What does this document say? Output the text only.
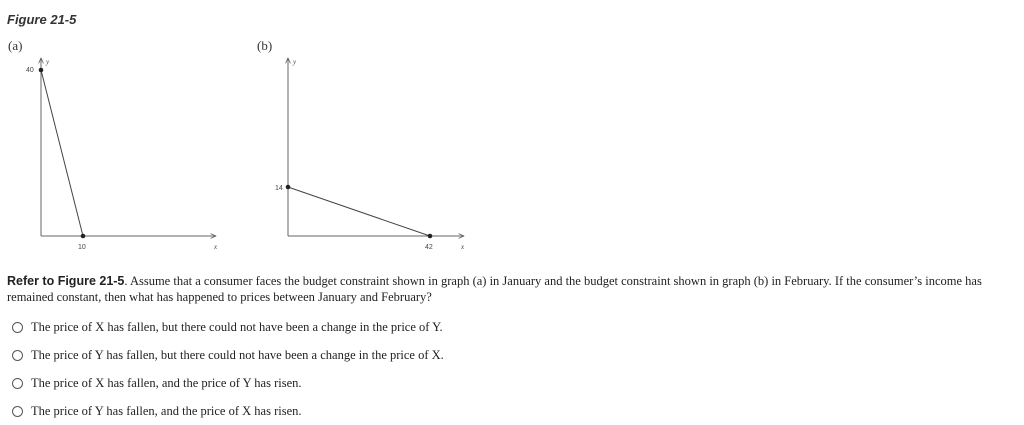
Figure 21-5
(a)	(b)
y
x
40
10
y
x
14
42
Refer to Figure 21-5. Assume that a consumer faces the budget constraint shown in graph (a) in January and the budget constraint shown in graph (b) in February. If the consumer’s income has remained constant, then what has happened to prices between January and February?
The price of X has fallen, but there could not have been a change in the price of Y.
The price of Y has fallen, but there could not have been a change in the price of X.
The price of X has fallen, and the price of Y has risen.
The price of Y has fallen, and the price of X has risen.
